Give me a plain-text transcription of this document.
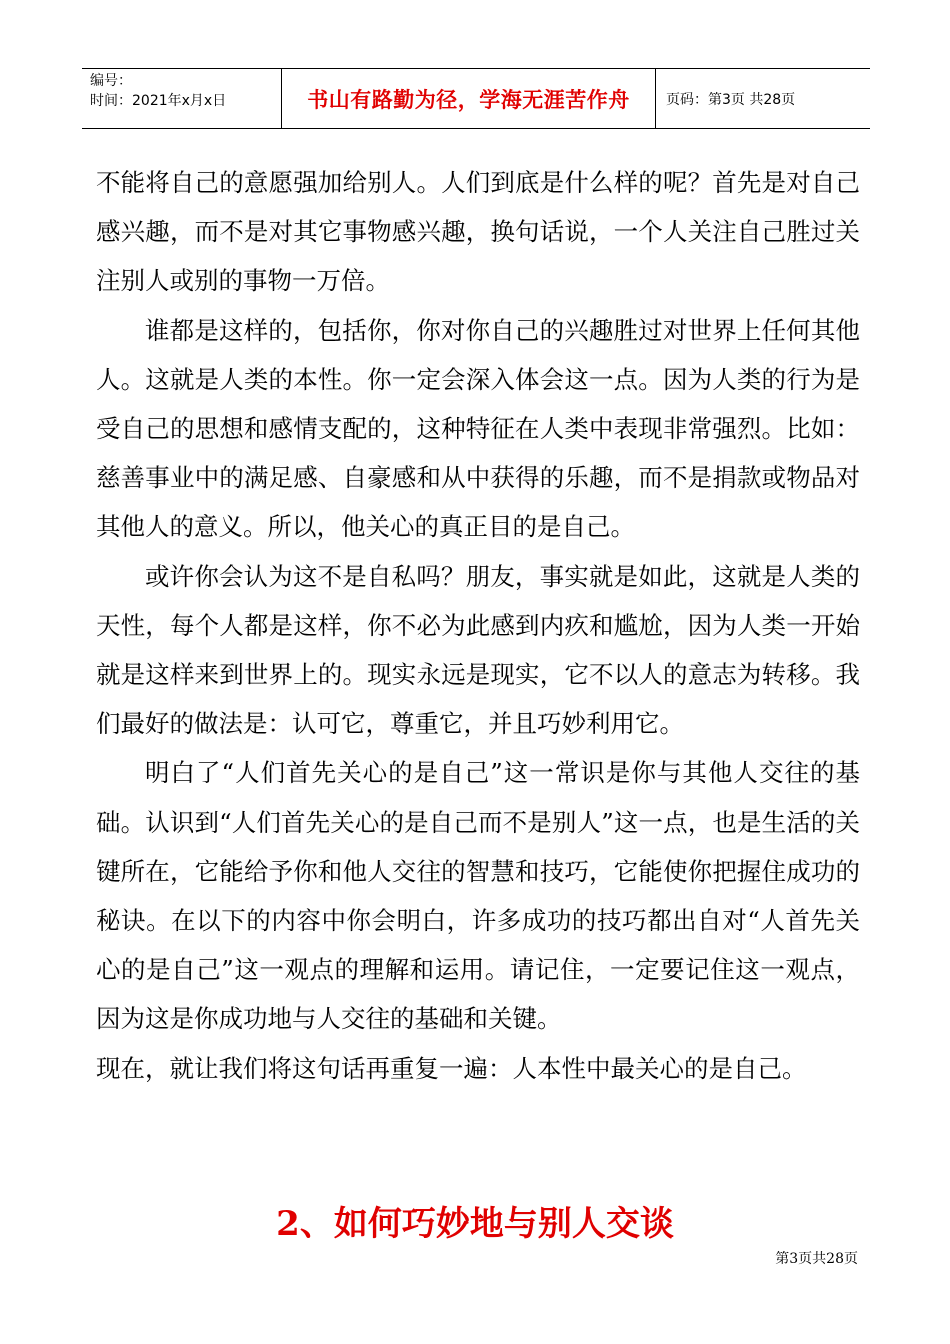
编号：
时间：2021年x月x日	书山有路勤为径，学海无涯苦作舟	页码：第3页 共28页

不能将自己的意愿强加给别人。人们到底是什么样的呢？首先是对自己感兴趣，而不是对其它事物感兴趣，换句话说，一个人关注自己胜过关注别人或别的事物一万倍。

谁都是这样的，包括你，你对你自己的兴趣胜过对世界上任何其他人。这就是人类的本性。你一定会深入体会这一点。因为人类的行为是受自己的思想和感情支配的，这种特征在人类中表现非常强烈。比如：慈善事业中的满足感、自豪感和从中获得的乐趣，而不是捐款或物品对其他人的意义。所以，他关心的真正目的是自己。

或许你会认为这不是自私吗？朋友，事实就是如此，这就是人类的天性，每个人都是这样，你不必为此感到内疚和尴尬，因为人类一开始就是这样来到世界上的。现实永远是现实，它不以人的意志为转移。我们最好的做法是：认可它，尊重它，并且巧妙利用它。

明白了“人们首先关心的是自己”这一常识是你与其他人交往的基础。认识到“人们首先关心的是自己而不是别人”这一点，也是生活的关键所在，它能给予你和他人交往的智慧和技巧，它能使你把握住成功的秘诀。在以下的内容中你会明白，许多成功的技巧都出自对“人首先关心的是自己”这一观点的理解和运用。请记住，一定要记住这一观点，因为这是你成功地与人交往的基础和关键。

现在，就让我们将这句话再重复一遍：人本性中最关心的是自己。

2、如何巧妙地与别人交谈
第3页共28页
